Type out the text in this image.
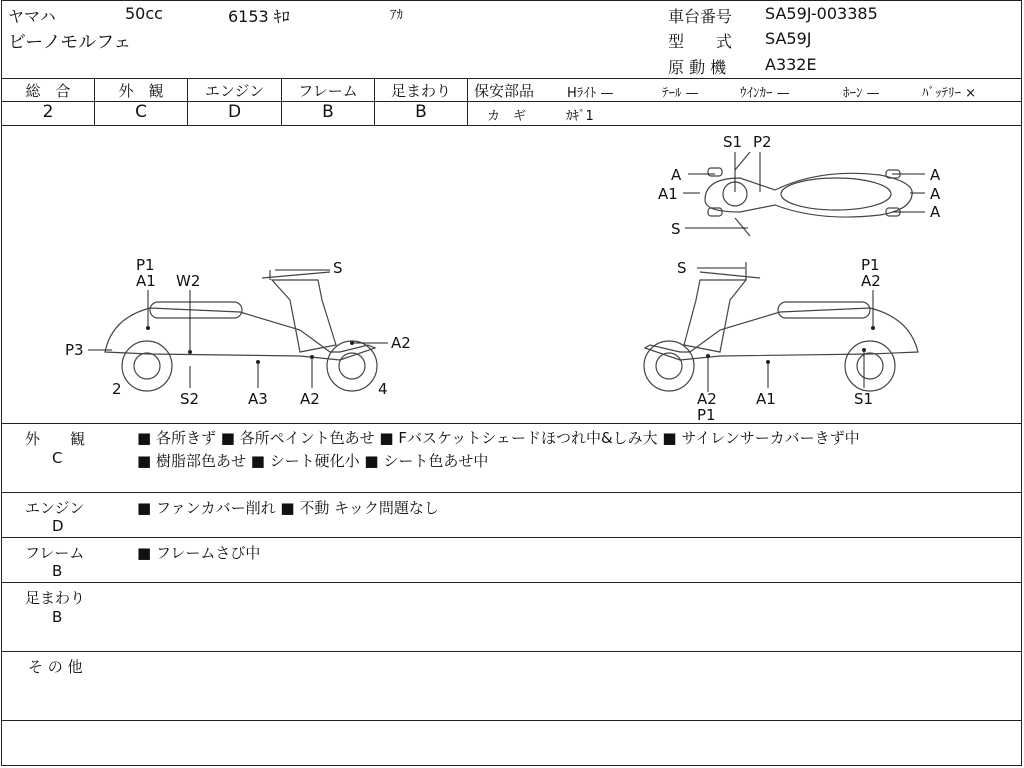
ヤマハ	50cc	6153 ｷﾛ	ｱｶ
ビーノモルフェ
車台番号 SA59J-003385
型　　式 SA59J
原 動 機 A332E
総　合
2
外　観
C
エンジン
D
フレーム
B
足まわり
B
保安部品	Hﾗｲﾄ —	ﾃｰﾙ —	ｳｲﾝｶｰ —	ﾎｰﾝ —	ﾊﾞｯﾃﾘｰ ×
カ　ギ	ｶｷﾞ1
P1
A1 W2
S
P3	A2
2
S2	A3 A2
4
S	P1
A2
A2
P1
A1	S1
S1 P2
A
A1
S
A
A
A
外　　観
C
■ 各所きず ■ 各所ペイント色あせ ■ Fバスケットシェードほつれ中&しみ大 ■ サイレンサーカバーきず中
■ 樹脂部色あせ ■ シート硬化小 ■ シート色あせ中
エンジン
D
■ ファンカバー削れ ■ 不動 キック問題なし
フレーム
B
■ フレームさび中
足まわり
B
そ の 他
